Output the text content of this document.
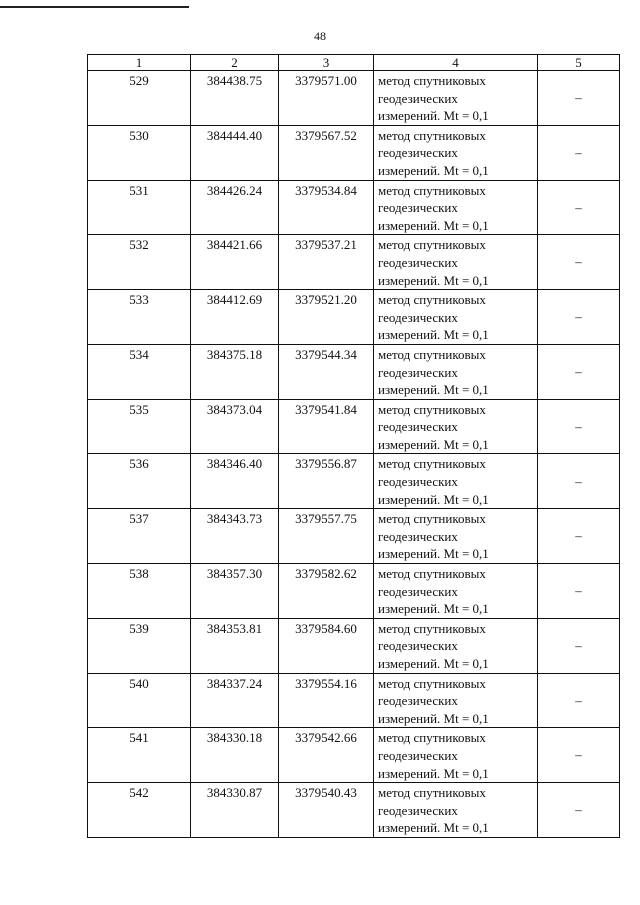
48
1	2	3	4	5
529	384438.75	3379571.00	метод спутниковых
геодезических
измерений. Mt = 0,1	–
530	384444.40	3379567.52	метод спутниковых
геодезических
измерений. Mt = 0,1	–
531	384426.24	3379534.84	метод спутниковых
геодезических
измерений. Mt = 0,1	–
532	384421.66	3379537.21	метод спутниковых
геодезических
измерений. Mt = 0,1	–
533	384412.69	3379521.20	метод спутниковых
геодезических
измерений. Mt = 0,1	–
534	384375.18	3379544.34	метод спутниковых
геодезических
измерений. Mt = 0,1	–
535	384373.04	3379541.84	метод спутниковых
геодезических
измерений. Mt = 0,1	–
536	384346.40	3379556.87	метод спутниковых
геодезических
измерений. Mt = 0,1	–
537	384343.73	3379557.75	метод спутниковых
геодезических
измерений. Mt = 0,1	–
538	384357.30	3379582.62	метод спутниковых
геодезических
измерений. Mt = 0,1	–
539	384353.81	3379584.60	метод спутниковых
геодезических
измерений. Mt = 0,1	–
540	384337.24	3379554.16	метод спутниковых
геодезических
измерений. Mt = 0,1	–
541	384330.18	3379542.66	метод спутниковых
геодезических
измерений. Mt = 0,1	–
542	384330.87	3379540.43	метод спутниковых
геодезических
измерений. Mt = 0,1	–
